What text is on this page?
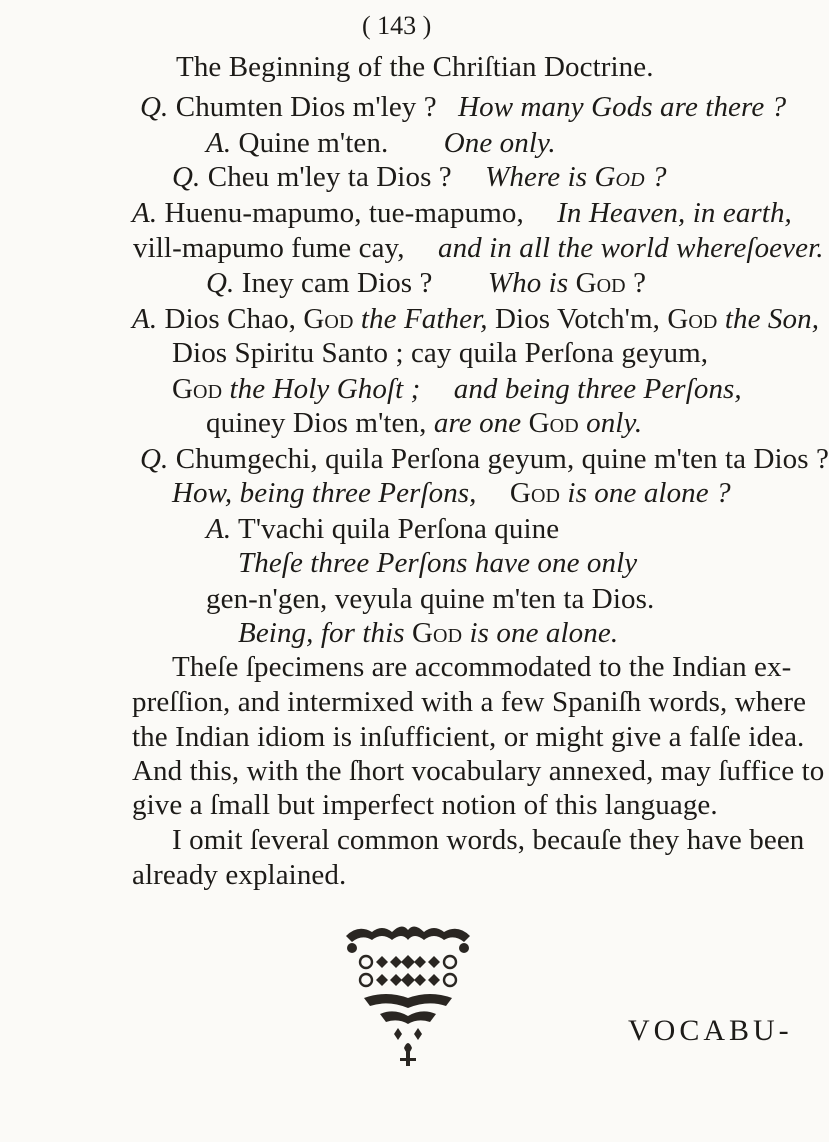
( 143 )
The Beginning of the Chriſtian Doctrine.
Q. Chumten Dios m'ley ? How many Gods are there ?
A. Quine m'ten. One only.
Q. Cheu m'ley ta Dios ? Where is God ?
A. Huenu-mapumo, tue-mapumo, In Heaven, in earth,
vill-mapumo fume cay, and in all the world whereſoever.
Q. Iney cam Dios ? Who is God ?
A. Dios Chao, God the Father, Dios Votch'm, God the Son,
Dios Spiritu Santo ; cay quila Perſona geyum,
God the Holy Ghoſt ; and being three Perſons,
quiney Dios m'ten, are one God only.
Q. Chumgechi, quila Perſona geyum, quine m'ten ta Dios ?
How, being three Perſons, God is one alone ?
A. T'vachi quila Perſona quine
Theſe three Perſons have one only
gen-n'gen, veyula quine m'ten ta Dios.
Being, for this God is one alone.
Theſe ſpecimens are accommodated to the Indian ex-
preſſion, and intermixed with a few Spaniſh words, where
the Indian idiom is inſufficient, or might give a falſe idea.
And this, with the ſhort vocabulary annexed, may ſuffice to
give a ſmall but imperfect notion of this language.
I omit ſeveral common words, becauſe they have been
already explained.
VOCABU-
